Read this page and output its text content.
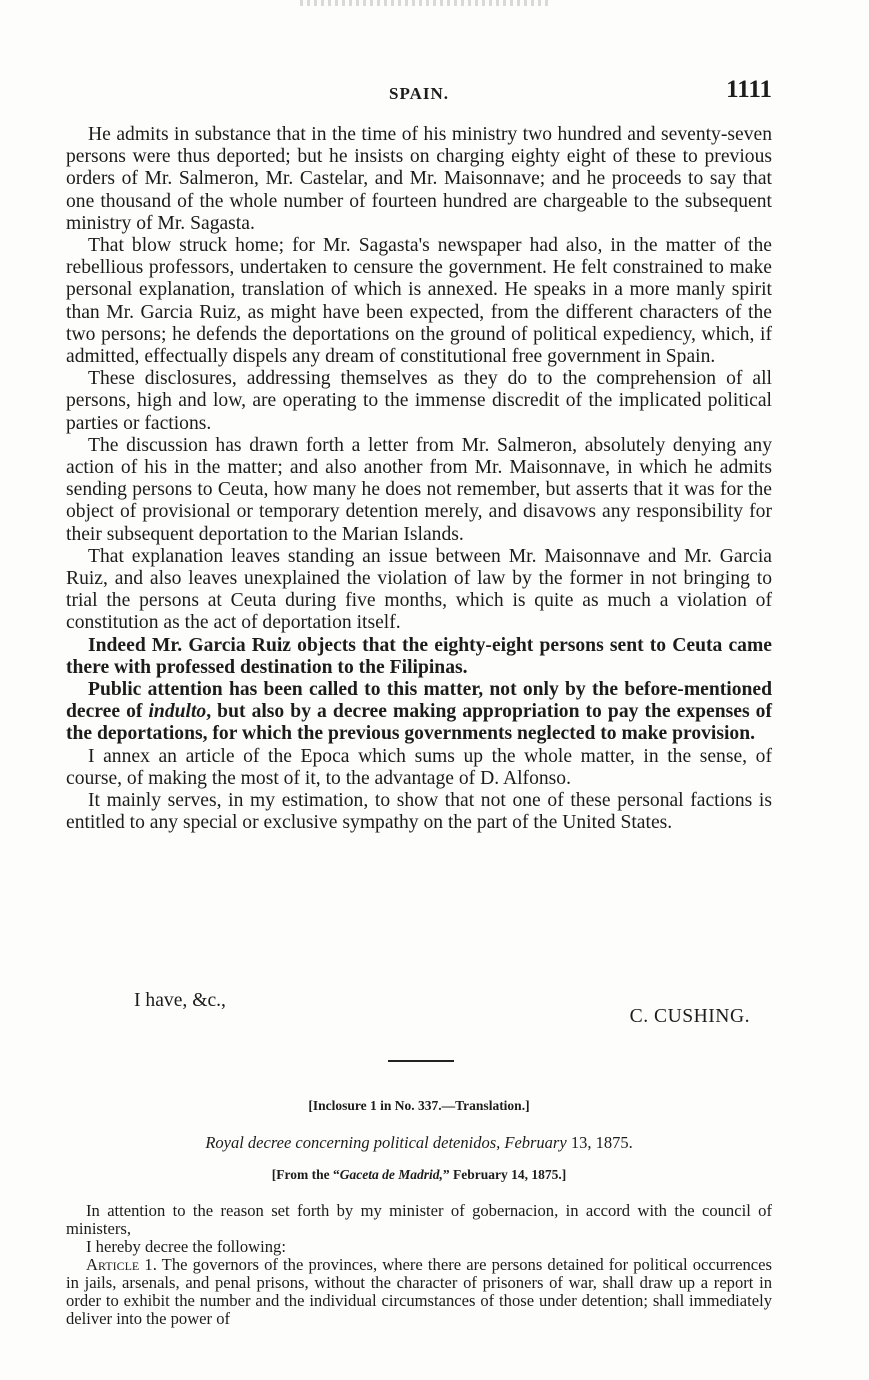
SPAIN.	1111

He admits in substance that in the time of his ministry two hundred and seventy-seven persons were thus deported; but he insists on charging eighty eight of these to previous orders of Mr. Salmeron, Mr. Castelar, and Mr. Maisonnave; and he proceeds to say that one thousand of the whole number of fourteen hundred are chargeable to the subsequent ministry of Mr. Sagasta.

That blow struck home; for Mr. Sagasta's newspaper had also, in the matter of the rebellious professors, undertaken to censure the government. He felt constrained to make personal explanation, translation of which is annexed. He speaks in a more manly spirit than Mr. Garcia Ruiz, as might have been expected, from the different characters of the two persons; he defends the deportations on the ground of political expediency, which, if admitted, effectually dispels any dream of constitutional free government in Spain.

These disclosures, addressing themselves as they do to the comprehension of all persons, high and low, are operating to the immense discredit of the implicated political parties or factions.

The discussion has drawn forth a letter from Mr. Salmeron, absolutely denying any action of his in the matter; and also another from Mr. Maisonnave, in which he admits sending persons to Ceuta, how many he does not remember, but asserts that it was for the object of provisional or temporary detention merely, and disavows any responsibility for their subsequent deportation to the Marian Islands.

That explanation leaves standing an issue between Mr. Maisonnave and Mr. Garcia Ruiz, and also leaves unexplained the violation of law by the former in not bringing to trial the persons at Ceuta during five months, which is quite as much a violation of constitution as the act of deportation itself.

Indeed Mr. Garcia Ruiz objects that the eighty-eight persons sent to Ceuta came there with professed destination to the Filipinas.

Public attention has been called to this matter, not only by the before-mentioned decree of indulto, but also by a decree making appropriation to pay the expenses of the deportations, for which the previous governments neglected to make provision.

I annex an article of the Epoca which sums up the whole matter, in the sense, of course, of making the most of it, to the advantage of D. Alfonso.

It mainly serves, in my estimation, to show that not one of these personal factions is entitled to any special or exclusive sympathy on the part of the United States.

I have, &c.,
C. CUSHING.
[Inclosure 1 in No. 337.—Translation.]
Royal decree concerning political detenidos, February 13, 1875.
[From the “Gaceta de Madrid,” February 14, 1875.]

In attention to the reason set forth by my minister of gobernacion, in accord with the council of ministers,

I hereby decree the following:

Article 1. The governors of the provinces, where there are persons detained for political occurrences in jails, arsenals, and penal prisons, without the character of prisoners of war, shall draw up a report in order to exhibit the number and the individual circumstances of those under detention; shall immediately deliver into the power of
